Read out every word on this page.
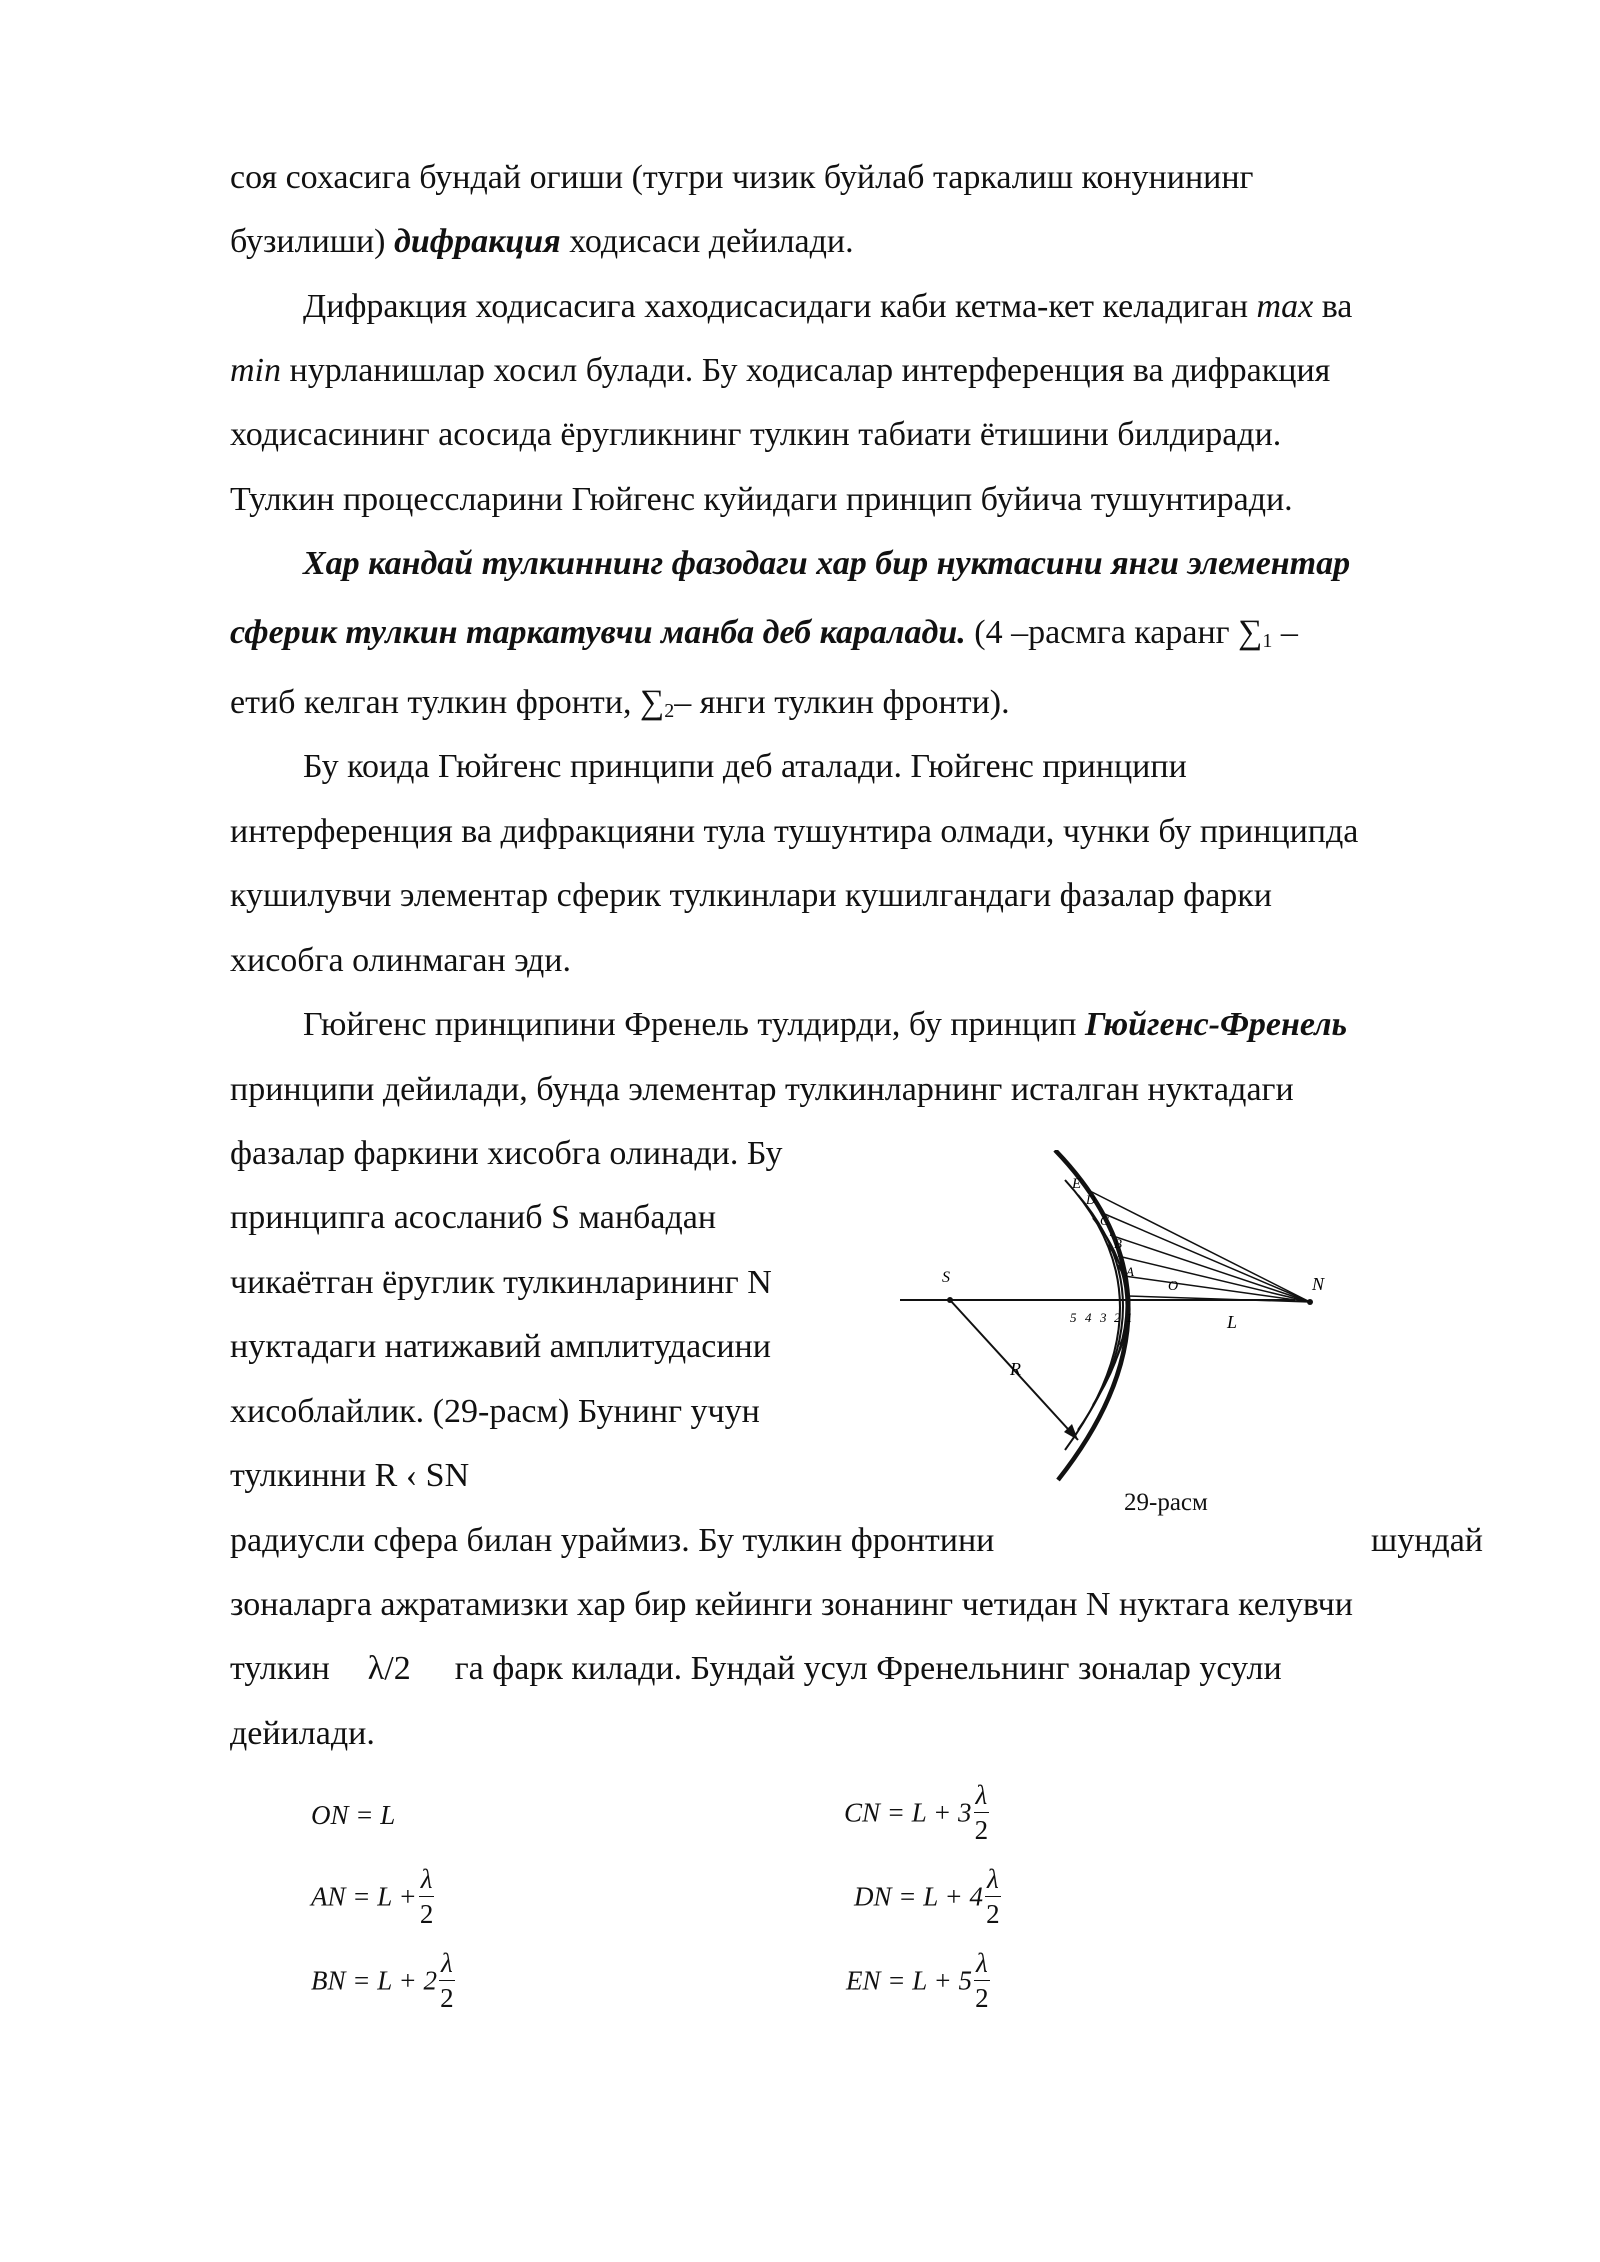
соя сохасига бундай огиши (тугри чизик буйлаб таркалиш конунининг
бузилиши) дифракция ходисаси дейилади.
Дифракция ходисасига хаходисасидаги каби кетма-кет келадиган max ва
min нурланишлар хосил булади. Бу ходисалар интерференция ва дифракция
ходисасининг асосида ёругликнинг тулкин табиати ётишини билдиради.
Тулкин процессларини Гюйгенс куйидаги принцип буйича тушунтиради.
Хар кандай тулкиннинг фазодаги хар бир нуктасини янги элементар
сферик тулкин таркатувчи манба деб каралади. (4 –расмга каранг $\sum_1$ –
етиб келган тулкин фронти, $\sum_2-$ янги тулкин фронти).
Бу коида Гюйгенс принципи деб аталади. Гюйгенс принципи
интерференция ва дифракцияни тула тушунтира олмади, чунки бу принципда
кушилувчи элементар сферик тулкинлари кушилгандаги фазалар фарки
хисобга олинмаган эди.
Гюйгенс принципини Френель тулдирди, бу принцип Гюйгенс-Френель
принципи дейилади, бунда элементар тулкинларнинг исталган нуктадаги
фазалар фаркини хисобга олинади. Бу
принципга асосланиб S манбадан
чикаётган ёруглик тулкинларининг N
нуктадаги натижавий амплитудасини
хисоблайлик. (29-расм) Бунинг учун
тулкинни R ‹ SN
радиусли сфера билан ураймиз. Бу тулкин фронтини	шундай
зоналарга ажратамизки хар бир кейинги зонанинг четидан N нуктага келувчи
тулкин λ/2 га фарк килади. Бундай усул Френельнинг зоналар усули
дейилади.
S	N
R
L
O
A
B
C
D
E
5 4 3 2 1
29-расм
ON = L
AN = $L + \frac{\lambda}{2}$
BN = $L + 2 \frac{\lambda}{2}$
CN = $L + 3 \frac{\lambda}{2}$
DN = $L + 4 \frac{\lambda}{2}$
EN = $L + 5 \frac{\lambda}{2}$
